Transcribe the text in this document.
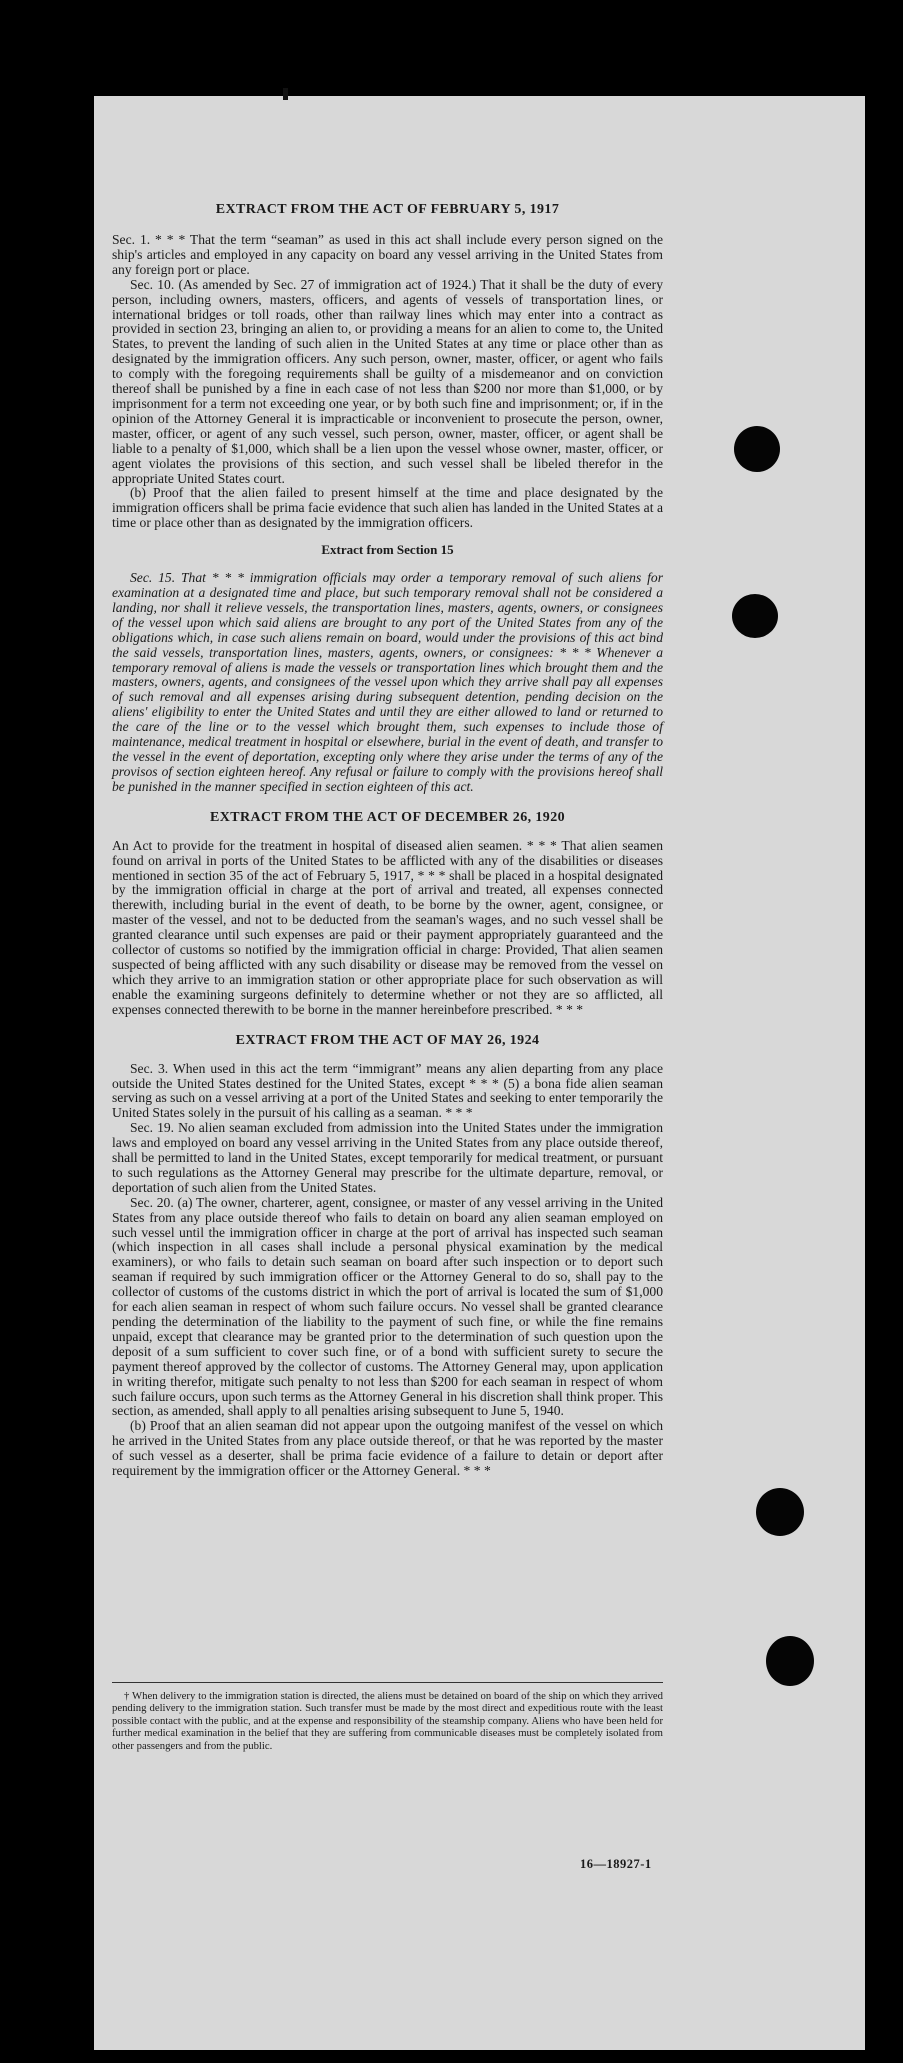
EXTRACT FROM THE ACT OF FEBRUARY 5, 1917

Sec. 1. * * * That the term “seaman” as used in this act shall include every person signed on the ship's articles and employed in any capacity on board any vessel arriving in the United States from any foreign port or place.

Sec. 10. (As amended by Sec. 27 of immigration act of 1924.) That it shall be the duty of every person, including owners, masters, officers, and agents of vessels of transportation lines, or international bridges or toll roads, other than railway lines which may enter into a contract as provided in section 23, bringing an alien to, or providing a means for an alien to come to, the United States, to prevent the landing of such alien in the United States at any time or place other than as designated by the immigration officers. Any such person, owner, master, officer, or agent who fails to comply with the foregoing requirements shall be guilty of a misdemeanor and on conviction thereof shall be punished by a fine in each case of not less than $200 nor more than $1,000, or by imprisonment for a term not exceeding one year, or by both such fine and imprisonment; or, if in the opinion of the Attorney General it is impracticable or inconvenient to prosecute the person, owner, master, officer, or agent of any such vessel, such person, owner, master, officer, or agent shall be liable to a penalty of $1,000, which shall be a lien upon the vessel whose owner, master, officer, or agent violates the provisions of this section, and such vessel shall be libeled therefor in the appropriate United States court.

(b) Proof that the alien failed to present himself at the time and place designated by the immigration officers shall be prima facie evidence that such alien has landed in the United States at a time or place other than as designated by the immigration officers.

Extract from Section 15

Sec. 15. That * * * immigration officials may order a temporary removal of such aliens for examination at a designated time and place, but such temporary removal shall not be considered a landing, nor shall it relieve vessels, the transportation lines, masters, agents, owners, or consignees of the vessel upon which said aliens are brought to any port of the United States from any of the obligations which, in case such aliens remain on board, would under the provisions of this act bind the said vessels, transportation lines, masters, agents, owners, or consignees: * * * Whenever a temporary removal of aliens is made the vessels or transportation lines which brought them and the masters, owners, agents, and consignees of the vessel upon which they arrive shall pay all expenses of such removal and all expenses arising during subsequent detention, pending decision on the aliens' eligibility to enter the United States and until they are either allowed to land or returned to the care of the line or to the vessel which brought them, such expenses to include those of maintenance, medical treatment in hospital or elsewhere, burial in the event of death, and transfer to the vessel in the event of deportation, excepting only where they arise under the terms of any of the provisos of section eighteen hereof. Any refusal or failure to comply with the provisions hereof shall be punished in the manner specified in section eighteen of this act.

EXTRACT FROM THE ACT OF DECEMBER 26, 1920

An Act to provide for the treatment in hospital of diseased alien seamen. * * * That alien seamen found on arrival in ports of the United States to be afflicted with any of the disabilities or diseases mentioned in section 35 of the act of February 5, 1917, * * * shall be placed in a hospital designated by the immigration official in charge at the port of arrival and treated, all expenses connected therewith, including burial in the event of death, to be borne by the owner, agent, consignee, or master of the vessel, and not to be deducted from the seaman's wages, and no such vessel shall be granted clearance until such expenses are paid or their payment appropriately guaranteed and the collector of customs so notified by the immigration official in charge: Provided, That alien seamen suspected of being afflicted with any such disability or disease may be removed from the vessel on which they arrive to an immigration station or other appropriate place for such observation as will enable the examining surgeons definitely to determine whether or not they are so afflicted, all expenses connected therewith to be borne in the manner hereinbefore prescribed. * * *

EXTRACT FROM THE ACT OF MAY 26, 1924

Sec. 3. When used in this act the term “immigrant” means any alien departing from any place outside the United States destined for the United States, except * * * (5) a bona fide alien seaman serving as such on a vessel arriving at a port of the United States and seeking to enter temporarily the United States solely in the pursuit of his calling as a seaman. * * *

Sec. 19. No alien seaman excluded from admission into the United States under the immigration laws and employed on board any vessel arriving in the United States from any place outside thereof, shall be permitted to land in the United States, except temporarily for medical treatment, or pursuant to such regulations as the Attorney General may prescribe for the ultimate departure, removal, or deportation of such alien from the United States.

Sec. 20. (a) The owner, charterer, agent, consignee, or master of any vessel arriving in the United States from any place outside thereof who fails to detain on board any alien seaman employed on such vessel until the immigration officer in charge at the port of arrival has inspected such seaman (which inspection in all cases shall include a personal physical examination by the medical examiners), or who fails to detain such seaman on board after such inspection or to deport such seaman if required by such immigration officer or the Attorney General to do so, shall pay to the collector of customs of the customs district in which the port of arrival is located the sum of $1,000 for each alien seaman in respect of whom such failure occurs. No vessel shall be granted clearance pending the determination of the liability to the payment of such fine, or while the fine remains unpaid, except that clearance may be granted prior to the determination of such question upon the deposit of a sum sufficient to cover such fine, or of a bond with sufficient surety to secure the payment thereof approved by the collector of customs. The Attorney General may, upon application in writing therefor, mitigate such penalty to not less than $200 for each seaman in respect of whom such failure occurs, upon such terms as the Attorney General in his discretion shall think proper. This section, as amended, shall apply to all penalties arising subsequent to June 5, 1940.

(b) Proof that an alien seaman did not appear upon the outgoing manifest of the vessel on which he arrived in the United States from any place outside thereof, or that he was reported by the master of such vessel as a deserter, shall be prima facie evidence of a failure to detain or deport after requirement by the immigration officer or the Attorney General. * * *

† When delivery to the immigration station is directed, the aliens must be detained on board of the ship on which they arrived pending delivery to the immigration station. Such transfer must be made by the most direct and expeditious route with the least possible contact with the public, and at the expense and responsibility of the steamship company. Aliens who have been held for further medical examination in the belief that they are suffering from communicable diseases must be completely isolated from other passengers and from the public.

16—18927-1
